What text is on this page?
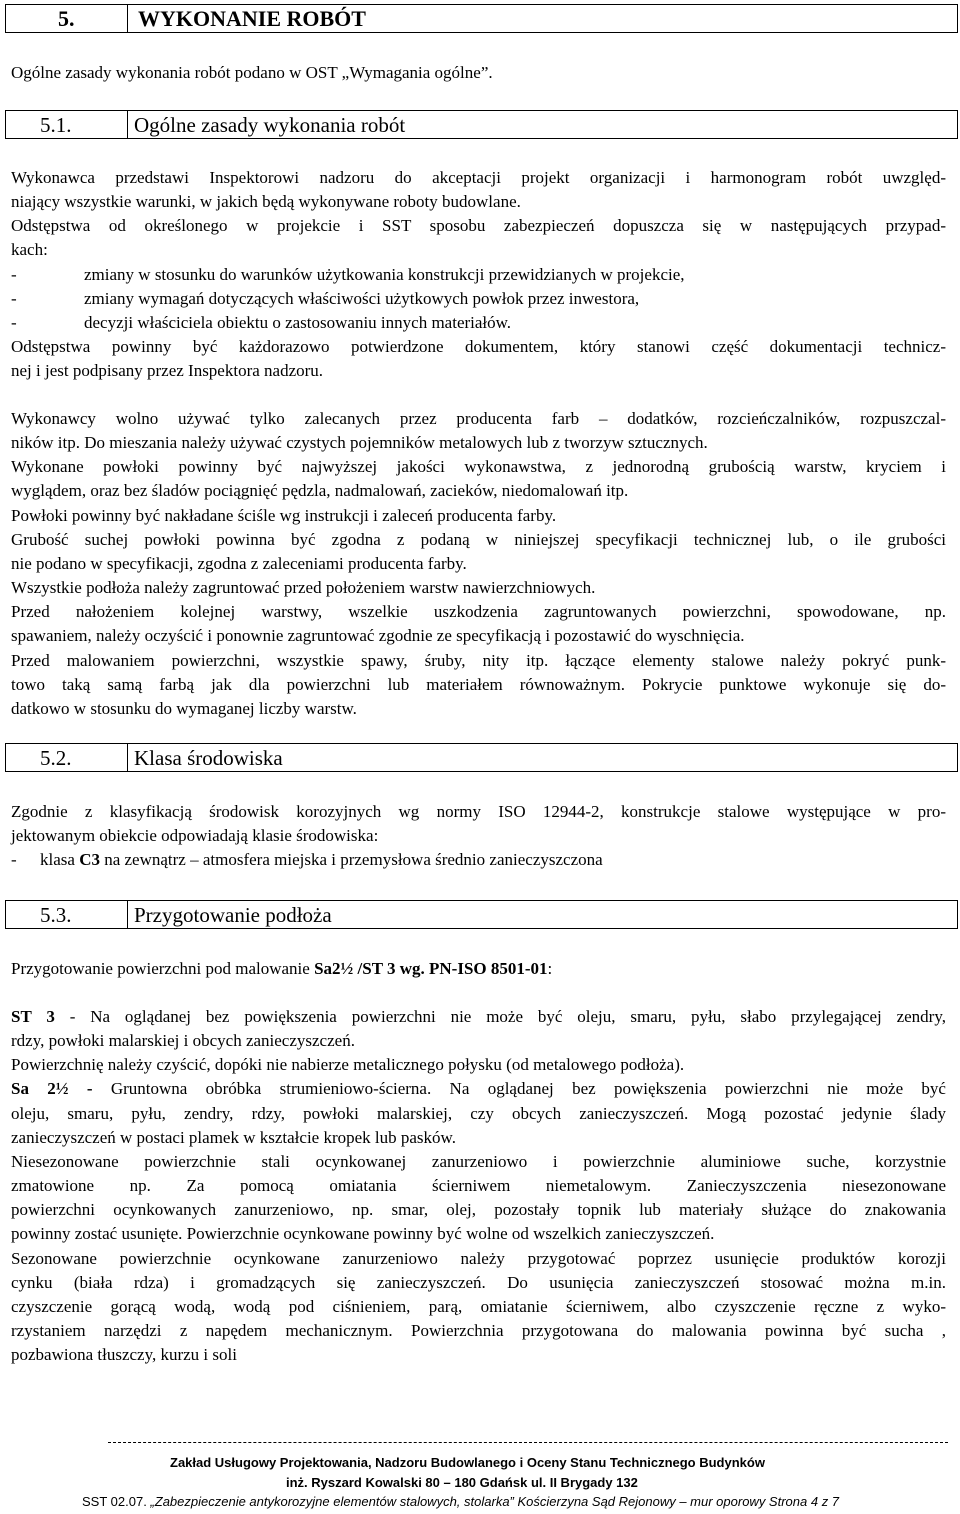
5.	WYKONANIE ROBÓT
Ogólne zasady wykonania robót podano w OST „Wymagania ogólne”.
5.1.	Ogólne zasady wykonania robót
Wykonawca przedstawi Inspektorowi nadzoru do akceptacji projekt organizacji i harmonogram robót uwzględ-
niający wszystkie warunki, w jakich będą wykonywane roboty budowlane.
Odstępstwa od określonego w projekcie i SST sposobu zabezpieczeń dopuszcza się w następujących przypad-
kach:
-	zmiany w stosunku do warunków użytkowania konstrukcji przewidzianych w projekcie,
-	zmiany wymagań dotyczących właściwości użytkowych powłok przez inwestora,
-	decyzji właściciela obiektu o zastosowaniu innych materiałów.
Odstępstwa powinny być każdorazowo potwierdzone dokumentem, który stanowi część dokumentacji technicz-
nej i jest podpisany przez Inspektora nadzoru.
Wykonawcy wolno używać tylko zalecanych przez producenta farb – dodatków, rozcieńczalników, rozpuszczal-
ników itp. Do mieszania należy używać czystych pojemników metalowych lub z tworzyw sztucznych.
Wykonane powłoki powinny być najwyższej jakości wykonawstwa, z jednorodną grubością warstw, kryciem i
wyglądem, oraz bez śladów pociągnięć pędzla, nadmalowań, zacieków, niedomalowań itp.
Powłoki powinny być nakładane ściśle wg instrukcji i zaleceń producenta farby.
Grubość suchej powłoki powinna być zgodna z podaną w niniejszej specyfikacji technicznej lub, o ile grubości
nie podano w specyfikacji, zgodna z zaleceniami producenta farby.
Wszystkie podłoża należy zagruntować przed położeniem warstw nawierzchniowych.
Przed nałożeniem kolejnej warstwy, wszelkie uszkodzenia zagruntowanych powierzchni, spowodowane, np.
spawaniem, należy oczyścić i ponownie zagruntować zgodnie ze specyfikacją i pozostawić do wyschnięcia.
Przed malowaniem powierzchni, wszystkie spawy, śruby, nity itp. łączące elementy stalowe należy pokryć punk-
towo taką samą farbą jak dla powierzchni lub materiałem równoważnym. Pokrycie punktowe wykonuje się do-
datkowo w stosunku do wymaganej liczby warstw.
5.2.	Klasa środowiska
Zgodnie z klasyfikacją środowisk korozyjnych wg normy ISO 12944-2, konstrukcje stalowe występujące w pro-
jektowanym obiekcie odpowiadają klasie środowiska:
- klasa C3 na zewnątrz – atmosfera miejska i przemysłowa średnio zanieczyszczona
5.3.	Przygotowanie podłoża
Przygotowanie powierzchni pod malowanie Sa2½ /ST 3 wg. PN-ISO 8501-01:
ST 3 - Na oglądanej bez powiększenia powierzchni nie może być oleju, smaru, pyłu, słabo przylegającej zendry,
rdzy, powłoki malarskiej i obcych zanieczyszczeń.
Powierzchnię należy czyścić, dopóki nie nabierze metalicznego połysku (od metalowego podłoża).
Sa 2½ - Gruntowna obróbka strumieniowo-ścierna. Na oglądanej bez powiększenia powierzchni nie może być
oleju, smaru, pyłu, zendry, rdzy, powłoki malarskiej, czy obcych zanieczyszczeń. Mogą pozostać jedynie ślady
zanieczyszczeń w postaci plamek w kształcie kropek lub pasków.
Niesezonowane powierzchnie stali ocynkowanej zanurzeniowo i powierzchnie aluminiowe suche, korzystnie
zmatowione np. Za pomocą omiatania ścierniwem niemetalowym. Zanieczyszczenia niesezonowane
powierzchni ocynkowanych zanurzeniowo, np. smar, olej, pozostały topnik lub materiały służące do znakowania
powinny zostać usunięte. Powierzchnie ocynkowane powinny być wolne od wszelkich zanieczyszczeń.
Sezonowane powierzchnie ocynkowane zanurzeniowo należy przygotować poprzez usunięcie produktów korozji
cynku (biała rdza) i gromadzących się zanieczyszczeń. Do usunięcia zanieczyszczeń stosować można m.in.
czyszczenie gorącą wodą, wodą pod ciśnieniem, parą, omiatanie ścierniwem, albo czyszczenie ręczne z wyko-
rzystaniem narzędzi z napędem mechanicznym. Powierzchnia przygotowana do malowania powinna być sucha ,
pozbawiona tłuszczy, kurzu i soli
Zakład Usługowy Projektowania, Nadzoru Budowlanego i Oceny Stanu Technicznego Budynków
inż. Ryszard Kowalski 80 – 180 Gdańsk ul. II Brygady 132
SST 02.07. „Zabezpieczenie antykorozyjne elementów stalowych, stolarka” Kościerzyna Sąd Rejonowy – mur oporowy Strona 4 z 7
